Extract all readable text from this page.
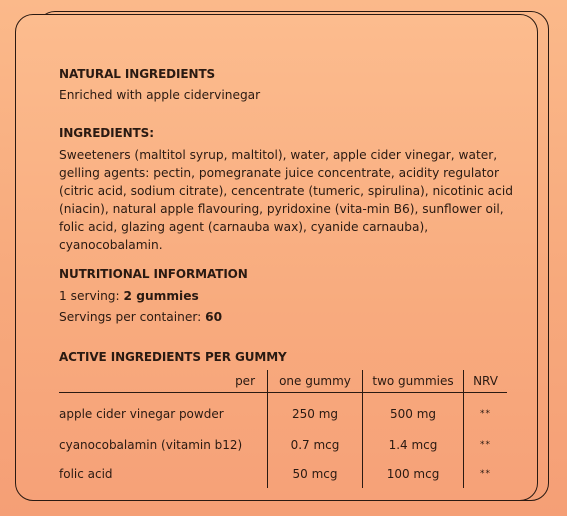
NATURAL INGREDIENTS

Enriched with apple cidervinegar

INGREDIENTS:

Sweeteners (maltitol syrup, maltitol), water, apple cider vinegar, water, gelling agents: pectin, pomegranate juice concentrate, acidity regulator (citric acid, sodium citrate), cencentrate (tumeric, spirulina), nicotinic acid (niacin), natural apple flavouring, pyridoxine (vita-min B6), sunflower oil, folic acid, glazing agent (carnauba wax), cyanide carnauba), cyanocobalamin.

NUTRITIONAL INFORMATION

1 serving: 2 gummies

Servings per container: 60

ACTIVE INGREDIENTS PER GUMMY

per	one gummy	two gummies	NRV
apple cider vinegar powder	250 mg	500 mg	**
cyanocobalamin (vitamin b12)	0.7 mcg	1.4 mcg	**
folic acid	50 mcg	100 mcg	**
